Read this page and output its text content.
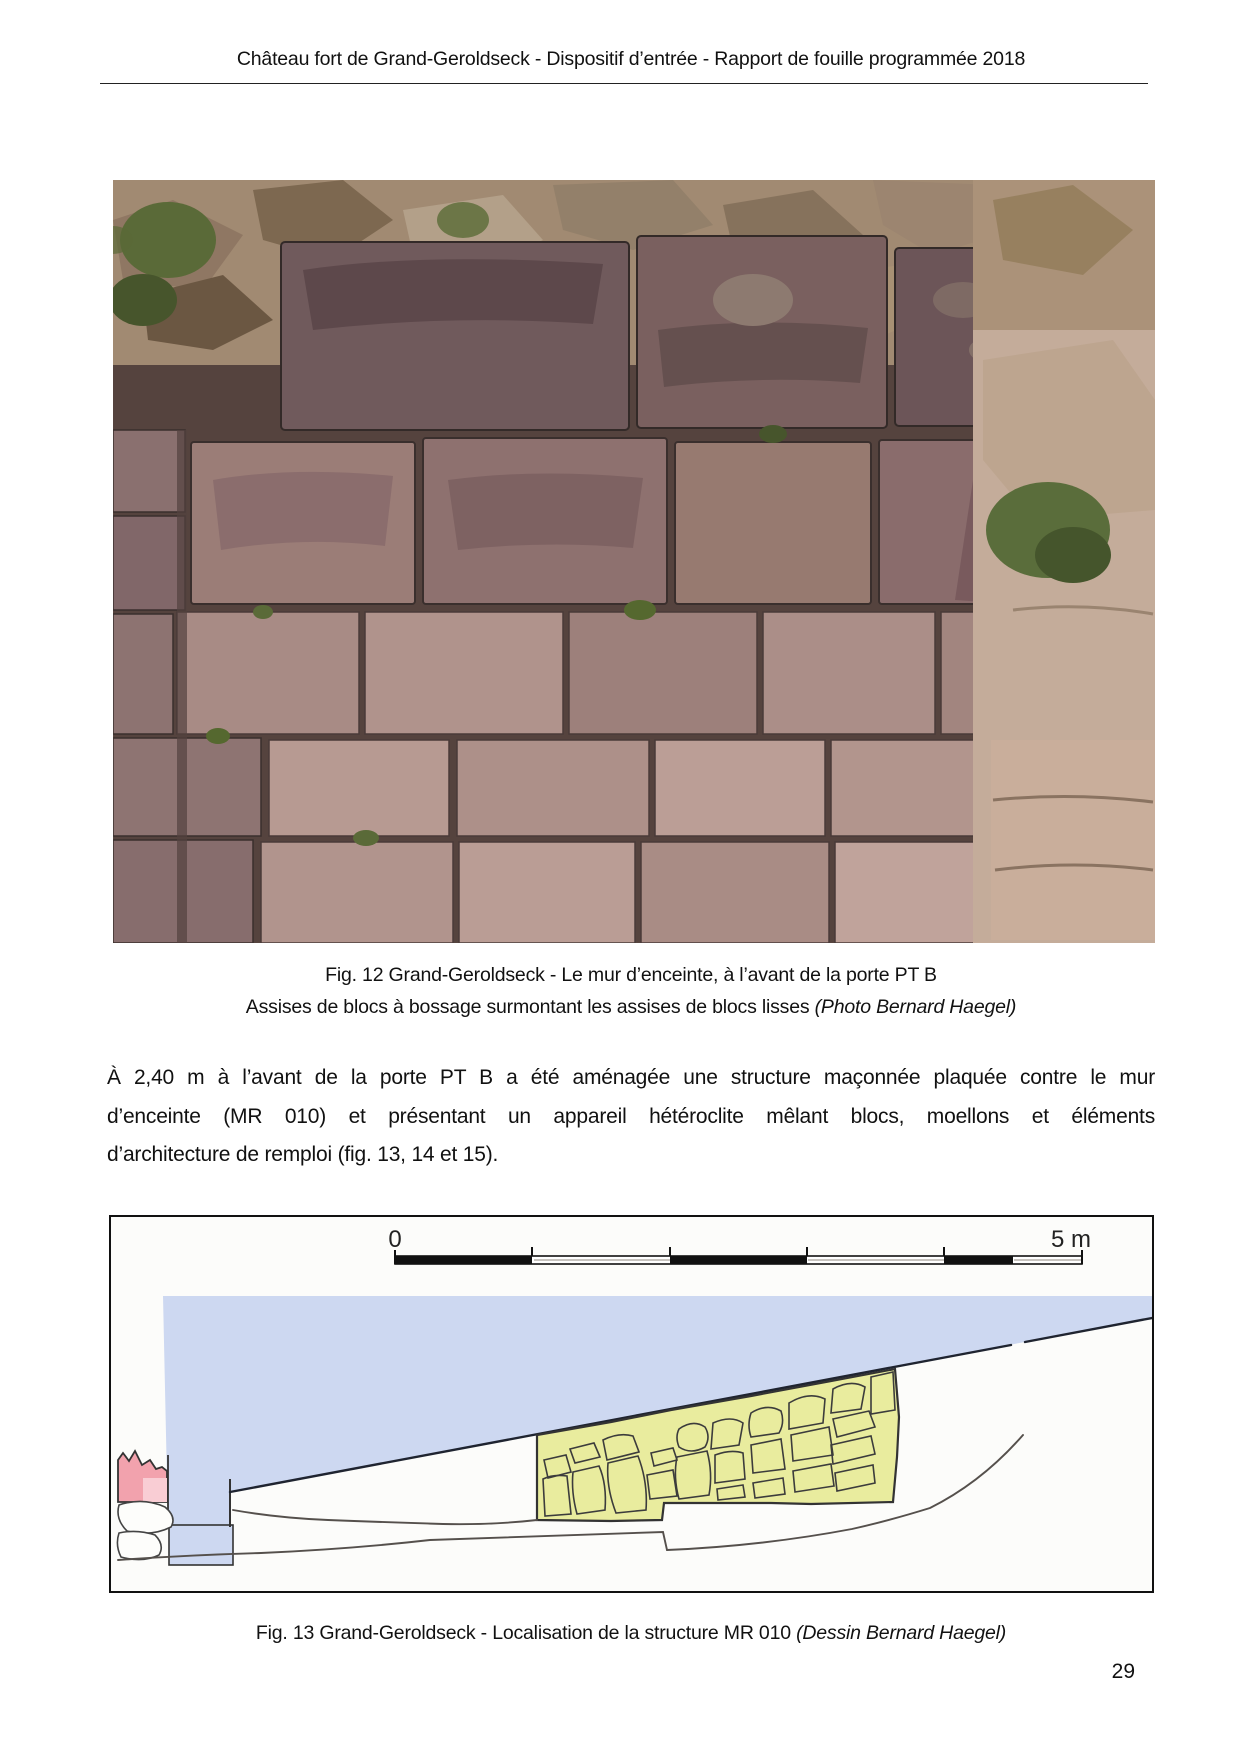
Château fort de Grand-Geroldseck - Dispositif d’entrée - Rapport de fouille programmée 2018
Fig. 12 Grand-Geroldseck - Le mur d’enceinte, à l’avant de la porte PT B
Assises de blocs à bossage surmontant les assises de blocs lisses (Photo Bernard Haegel)
À 2,40 m à l’avant de la porte PT B a été aménagée une structure maçonnée plaquée contre le mur
d’enceinte (MR 010) et présentant un appareil hétéroclite mêlant blocs, moellons et éléments
d’architecture de remploi (fig. 13, 14 et 15).
0	5 m
Fig. 13 Grand-Geroldseck - Localisation de la structure MR 010 (Dessin Bernard Haegel)
29
